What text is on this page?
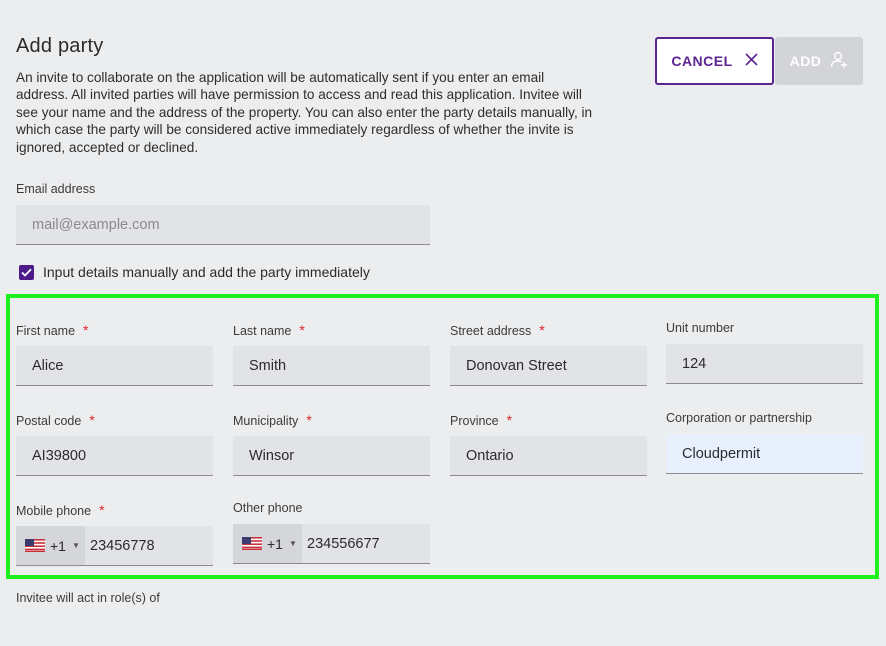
Add party
An invite to collaborate on the application will be automatically sent if you enter an email address. All invited parties will have permission to access and read this application. Invitee will see your name and the address of the property. You can also enter the party details manually, in which case the party will be considered active immediately regardless of whether the invite is ignored, accepted or declined.
CANCEL	ADD
Email address
mail@example.com
Input details manually and add the party immediately
First name *
Alice
Last name *
Smith
Street address *
Donovan Street
Unit number
124
Postal code *
AI39800
Municipality *
Winsor
Province *
Ontario
Corporation or partnership
Cloudpermit
Mobile phone *
+1 ▼ 23456778
Other phone
+1 ▼ 234556677
Invitee will act in role(s) of
